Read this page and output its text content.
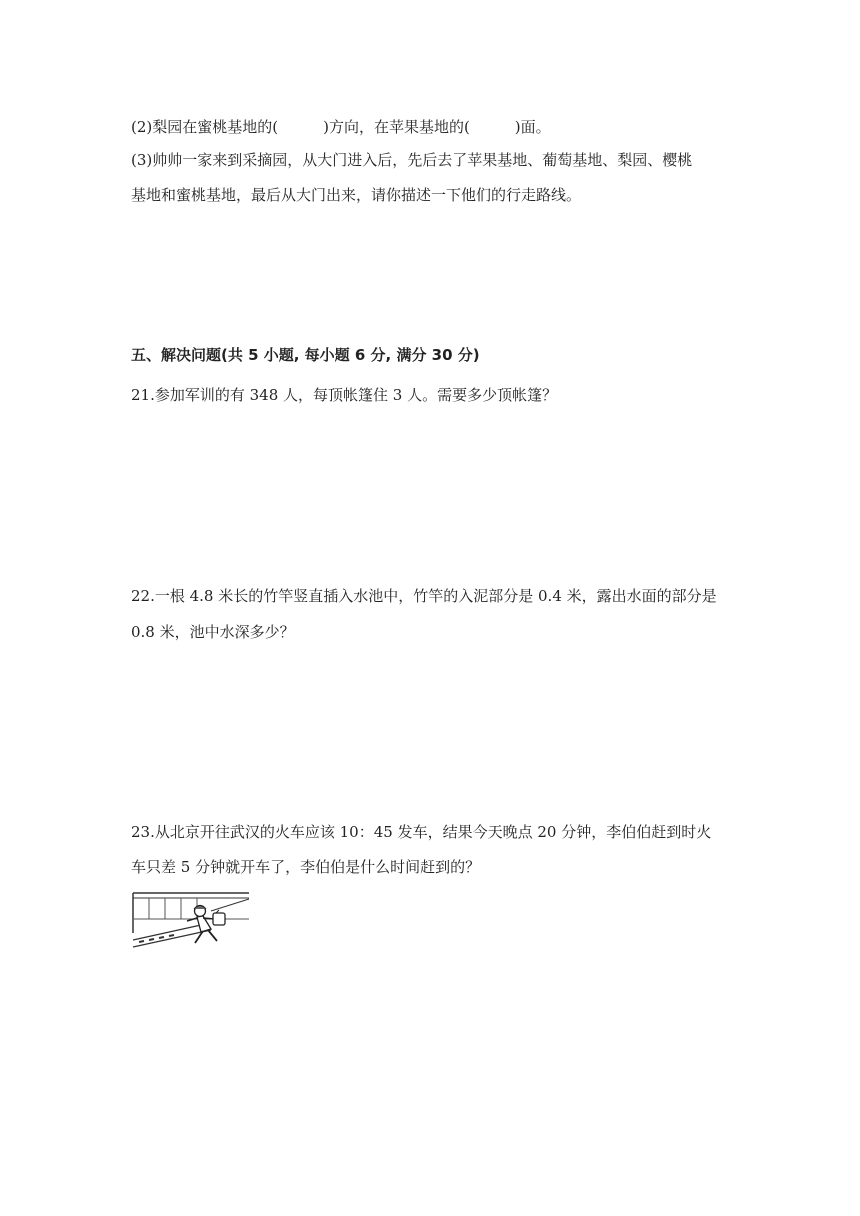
(2)梨园在蜜桃基地的(　　　)方向，在苹果基地的(　　　)面。
(3)帅帅一家来到采摘园，从大门进入后，先后去了苹果基地、葡萄基地、梨园、樱桃
基地和蜜桃基地，最后从大门出来，请你描述一下他们的行走路线。
五、解决问题(共 5 小题, 每小题 6 分, 满分 30 分)
21.参加军训的有 348 人，每顶帐篷住 3 人。需要多少顶帐篷？
22.一根 4.8 米长的竹竿竖直插入水池中，竹竿的入泥部分是 0.4 米，露出水面的部分是
0.8 米，池中水深多少？
23.从北京开往武汉的火车应该 10：45 发车，结果今天晚点 20 分钟，李伯伯赶到时火
车只差 5 分钟就开车了，李伯伯是什么时间赶到的？
